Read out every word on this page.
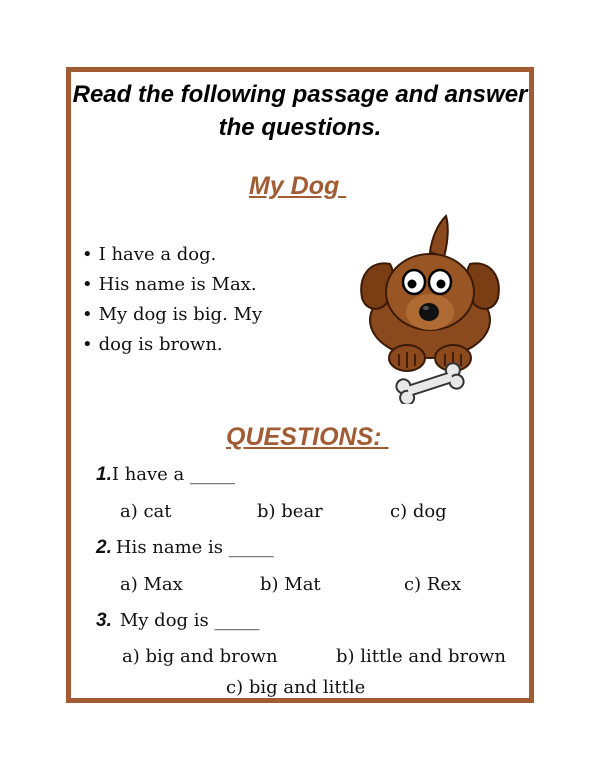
Read the following passage and answer
the questions.
My Dog
• I have a dog.
• His name is Max.
• My dog is big. My
• dog is brown.
QUESTIONS:
1.I have a _____
a) cat	b) bear	c) dog
2. His name is _____
a) Max	b) Mat	c) Rex
3. My dog is _____
a) big and brown	b) little and brown
c) big and little
